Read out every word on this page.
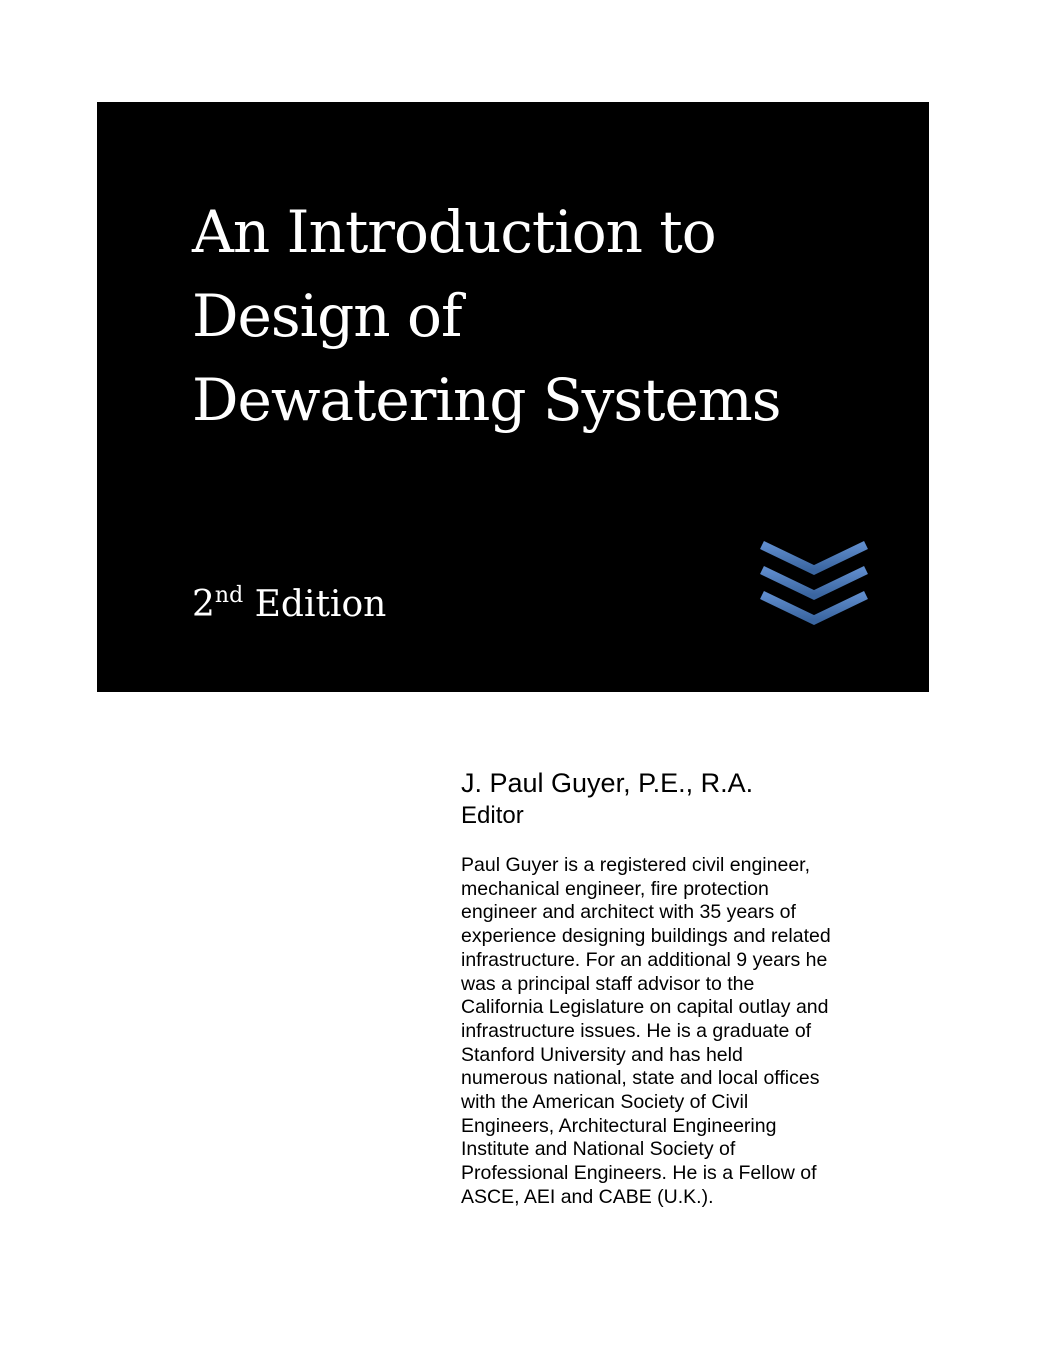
An Introduction to
Design of
Dewatering Systems
2nd Edition
J. Paul Guyer, P.E., R.A.
Editor
Paul Guyer is a registered civil engineer,
mechanical engineer, fire protection
engineer and architect with 35 years of
experience designing buildings and related
infrastructure. For an additional 9 years he
was a principal staff advisor to the
California Legislature on capital outlay and
infrastructure issues. He is a graduate of
Stanford University and has held
numerous national, state and local offices
with the American Society of Civil
Engineers, Architectural Engineering
Institute and National Society of
Professional Engineers. He is a Fellow of
ASCE, AEI and CABE (U.K.).
